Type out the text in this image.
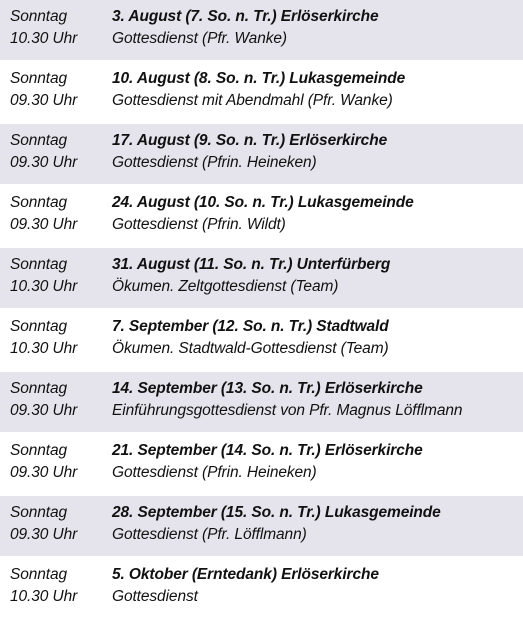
Sonntag
10.30 Uhr
3. August (7. So. n. Tr.) Erlöserkirche
Gottesdienst (Pfr. Wanke)
Sonntag
09.30 Uhr
10. August (8. So. n. Tr.) Lukasgemeinde
Gottesdienst mit Abendmahl (Pfr. Wanke)
Sonntag
09.30 Uhr
17. August (9. So. n. Tr.) Erlöserkirche
Gottesdienst (Pfrin. Heineken)
Sonntag
09.30 Uhr
24. August (10. So. n. Tr.) Lukasgemeinde
Gottesdienst (Pfrin. Wildt)
Sonntag
10.30 Uhr
31. August (11. So. n. Tr.) Unterfürberg
Ökumen. Zeltgottesdienst (Team)
Sonntag
10.30 Uhr
7. September (12. So. n. Tr.) Stadtwald
Ökumen. Stadtwald-Gottesdienst (Team)
Sonntag
09.30 Uhr
14. September (13. So. n. Tr.) Erlöserkirche
Einführungsgottesdienst von Pfr. Magnus Löfflmann
Sonntag
09.30 Uhr
21. September (14. So. n. Tr.) Erlöserkirche
Gottesdienst (Pfrin. Heineken)
Sonntag
09.30 Uhr
28. September (15. So. n. Tr.) Lukasgemeinde
Gottesdienst (Pfr. Löfflmann)
Sonntag
10.30 Uhr
5. Oktober (Erntedank) Erlöserkirche
Gottesdienst
